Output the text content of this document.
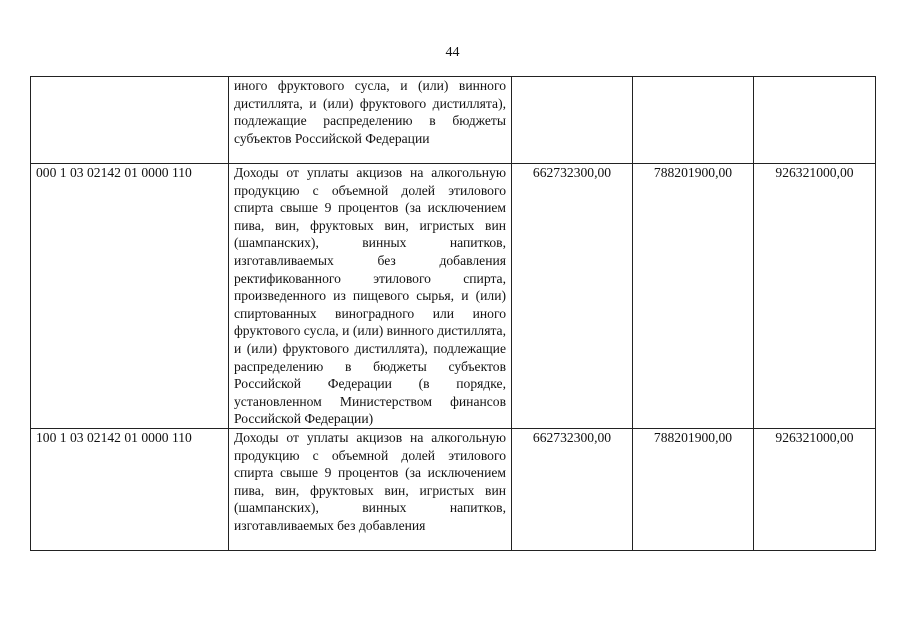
44
	иного фруктового сусла, и (или) винного дистиллята, и (или) фруктового дистиллята), подлежащие распределению в бюджеты субъектов Российской Федерации			
000 1 03 02142 01 0000 110	Доходы от уплаты акцизов на алкогольную продукцию с объемной долей этилового спирта свыше 9 процентов (за исключением пива, вин, фруктовых вин, игристых вин (шампанских), винных напитков, изготавливаемых без добавления ректификованного этилового спирта, произведенного из пищевого сырья, и (или) спиртованных виноградного или иного фруктового сусла, и (или) винного дистиллята, и (или) фруктового дистиллята), подлежащие распределению в бюджеты субъектов Российской Федерации (в порядке, установленном Министерством финансов Российской Федерации)	662732300,00	788201900,00	926321000,00
100 1 03 02142 01 0000 110	Доходы от уплаты акцизов на алкогольную продукцию с объемной долей этилового спирта свыше 9 процентов (за исключением пива, вин, фруктовых вин, игристых вин (шампанских), винных напитков, изготавливаемых без добавления	662732300,00	788201900,00	926321000,00
